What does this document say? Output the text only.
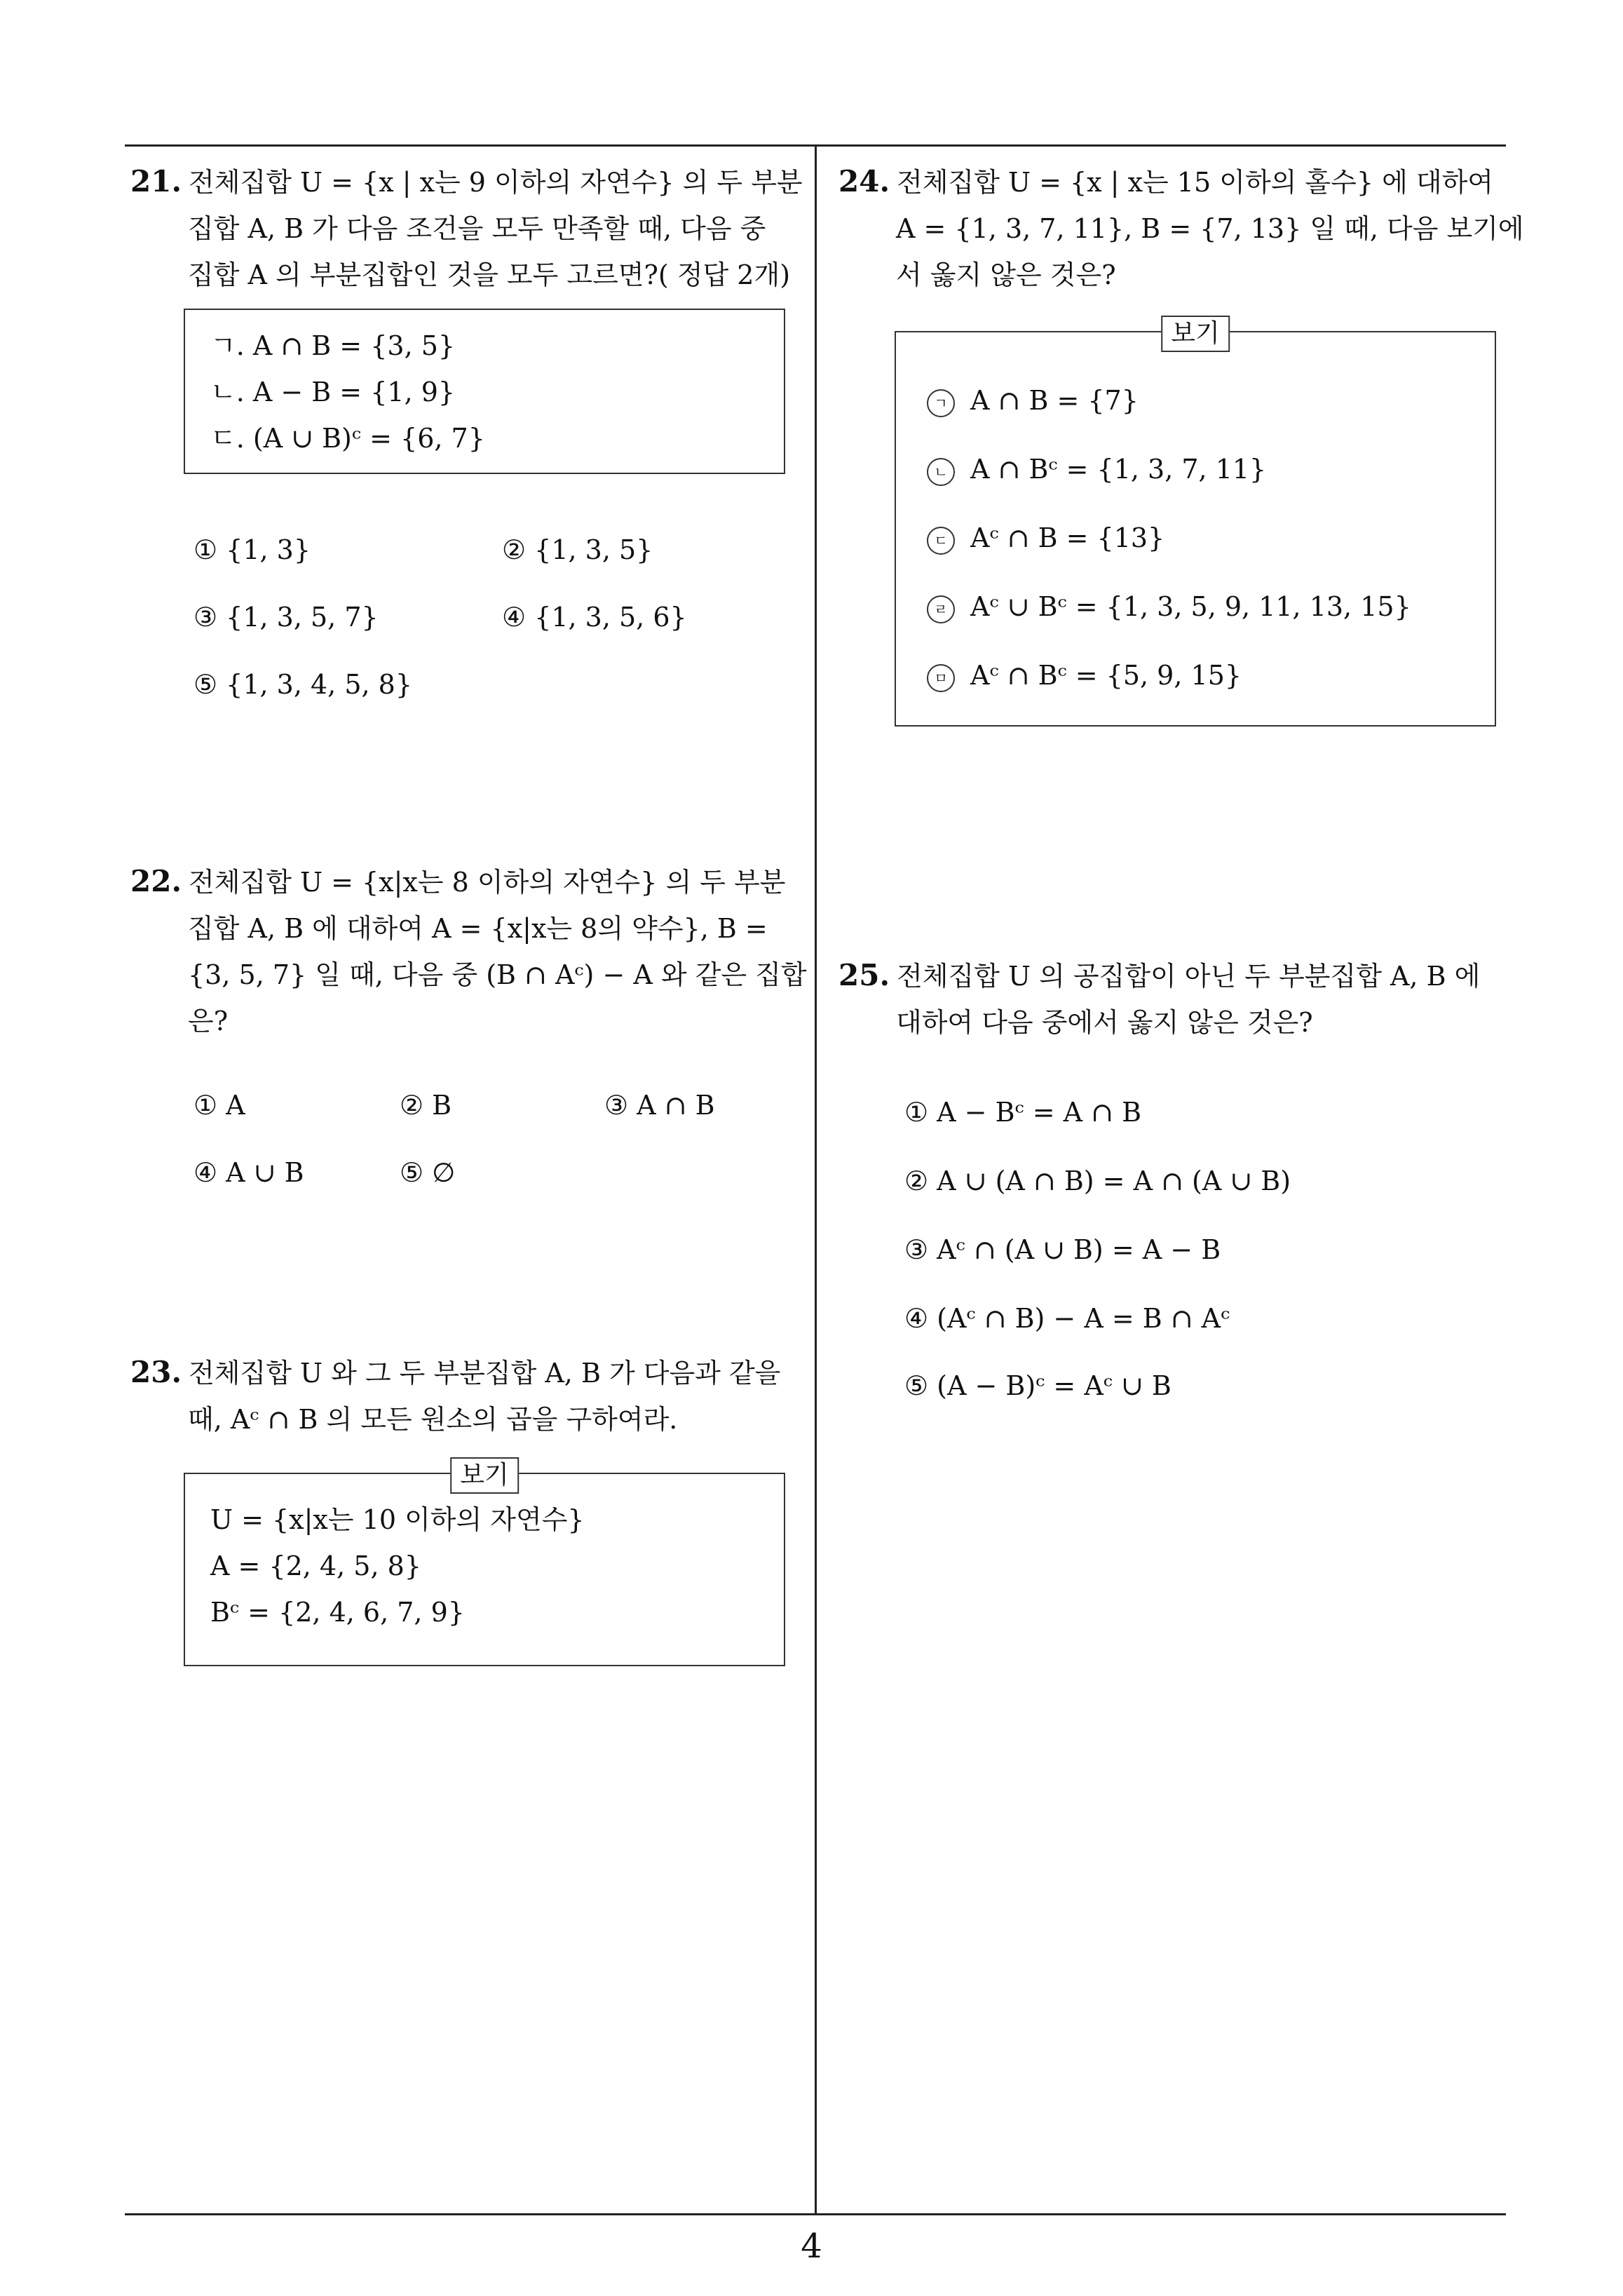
21. 전체집합 U = {x | x는 9 이하의 자연수} 의 두 부분
집합 A, B 가 다음 조건을 모두 만족할 때, 다음 중
집합 A 의 부분집합인 것을 모두 고르면?( 정답 2개)
ㄱ. A ∩ B = {3, 5}
ㄴ. A − B = {1, 9}
ㄷ. (A ∪ B)ᶜ = {6, 7}
① {1, 3}	② {1, 3, 5}
③ {1, 3, 5, 7}	④ {1, 3, 5, 6}
⑤ {1, 3, 4, 5, 8}
22. 전체집합 U = {x|x는 8 이하의 자연수} 의 두 부분
집합 A, B 에 대하여 A = {x|x는 8의 약수}, B =
{3, 5, 7} 일 때, 다음 중 (B ∩ Aᶜ) − A 와 같은 집합
은?
① A	② B	③ A ∩ B
④ A ∪ B	⑤ ∅
23. 전체집합 U 와 그 두 부분집합 A, B 가 다음과 같을
때, Aᶜ ∩ B 의 모든 원소의 곱을 구하여라.
보기
U = {x|x는 10 이하의 자연수}
A = {2, 4, 5, 8}
Bᶜ = {2, 4, 6, 7, 9}
24. 전체집합 U = {x | x는 15 이하의 홀수} 에 대하여
A = {1, 3, 7, 11}, B = {7, 13} 일 때, 다음 보기에
서 옳지 않은 것은?
보기
ㄱ A ∩ B = {7}
ㄴ A ∩ Bᶜ = {1, 3, 7, 11}
ㄷ Aᶜ ∩ B = {13}
ㄹ Aᶜ ∪ Bᶜ = {1, 3, 5, 9, 11, 13, 15}
ㅁ Aᶜ ∩ Bᶜ = {5, 9, 15}
25. 전체집합 U 의 공집합이 아닌 두 부분집합 A, B 에
대하여 다음 중에서 옳지 않은 것은?
① A − Bᶜ = A ∩ B
② A ∪ (A ∩ B) = A ∩ (A ∪ B)
③ Aᶜ ∩ (A ∪ B) = A − B
④ (Aᶜ ∩ B) − A = B ∩ Aᶜ
⑤ (A − B)ᶜ = Aᶜ ∪ B
4
